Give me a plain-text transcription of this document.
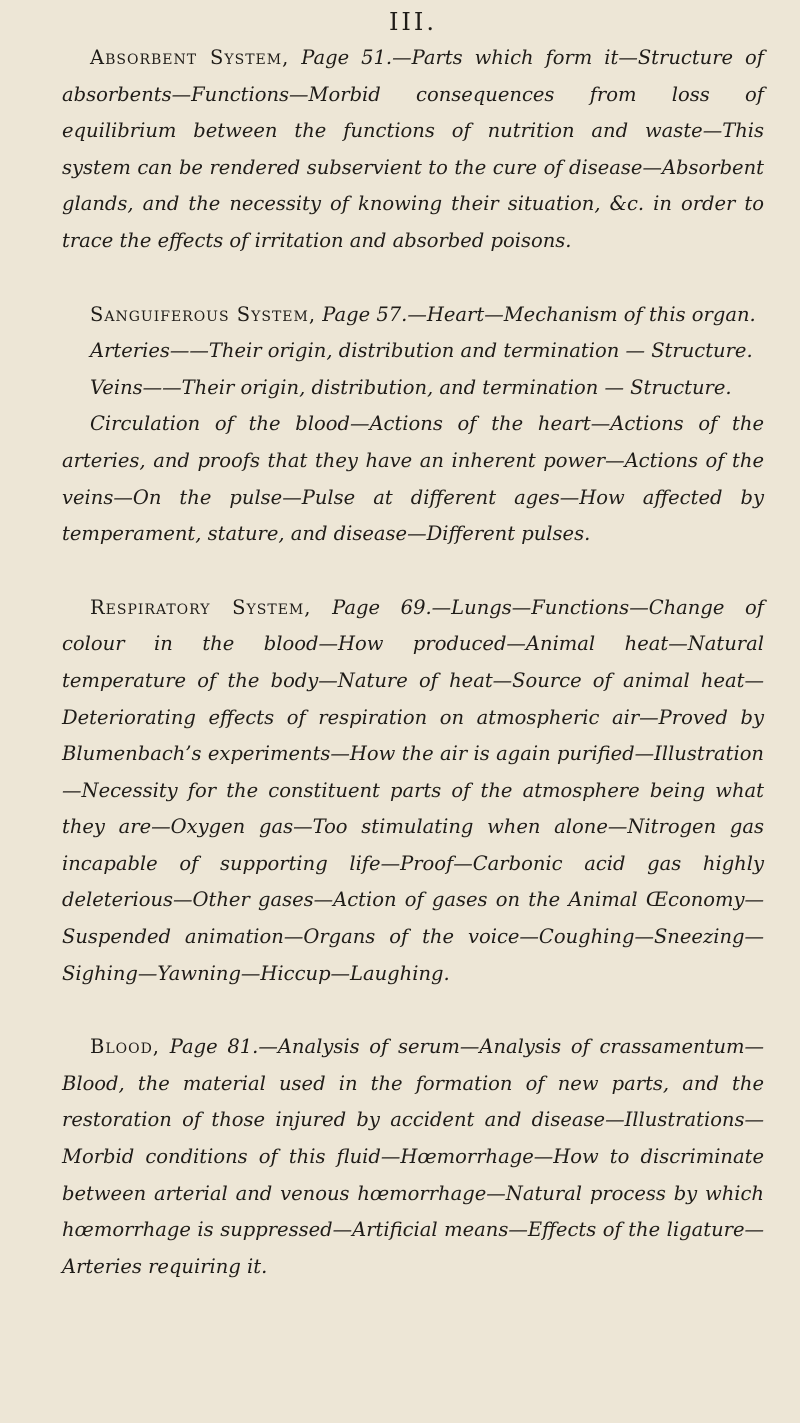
III.

Absorbent System, Page 51.—Parts which form it—Structure of absorbents—Functions—Morbid consequences from loss of equilibrium between the functions of nutrition and waste—This system can be rendered subservient to the cure of disease—Absorbent glands, and the necessity of knowing their situation, &c. in order to trace the effects of irritation and absorbed poisons.

Sanguiferous System, Page 57.—Heart—Mechanism of this organ.

Arteries——Their origin, distribution and termination — Structure.

Veins——Their origin, distribution, and termination — Structure.

Circulation of the blood—Actions of the heart—Actions of the arteries, and proofs that they have an inherent power—Actions of the veins—On the pulse—Pulse at different ages—How affected by temperament, stature, and disease—Different pulses.

Respiratory System, Page 69.—Lungs—Functions—Change of colour in the blood—How produced—Animal heat—Natural temperature of the body—Nature of heat—Source of animal heat—Deteriorating effects of respiration on atmospheric air—Proved by Blumenbach’s experiments—How the air is again purified—Illustration—Necessity for the constituent parts of the atmosphere being what they are—Oxygen gas—Too stimulating when alone—Nitrogen gas incapable of supporting life—Proof—Carbonic acid gas highly deleterious—Other gases—Action of gases on the Animal Œconomy—Suspended animation—Organs of the voice—Coughing—Sneezing—Sighing—Yawning—Hiccup—Laughing.

Blood, Page 81.—Analysis of serum—Analysis of crassamentum—Blood, the material used in the formation of new parts, and the restoration of those injured by accident and disease—Illustrations—Morbid conditions of this fluid—Hœmorrhage—How to discriminate between arterial and venous hœmorrhage—Natural process by which hœmorrhage is suppressed—Artificial means—Effects of the ligature—Arteries requiring it.
